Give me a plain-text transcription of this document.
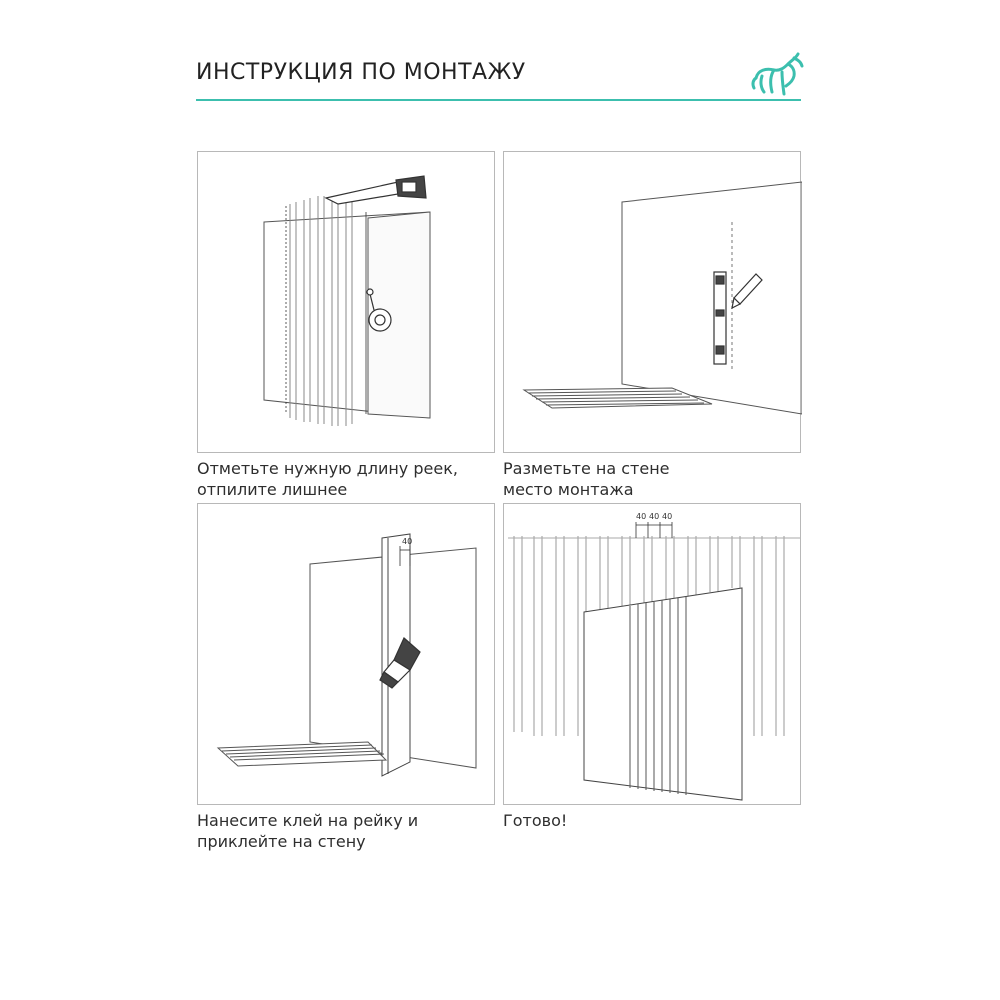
ИНСТРУКЦИЯ ПО МОНТАЖУ
Отметьте нужную длину реек,
отпилите лишнее
Разметьте на стене
место монтажа
40
Нанесите клей на рейку и
приклейте на стену
40 40 40
Готово!
